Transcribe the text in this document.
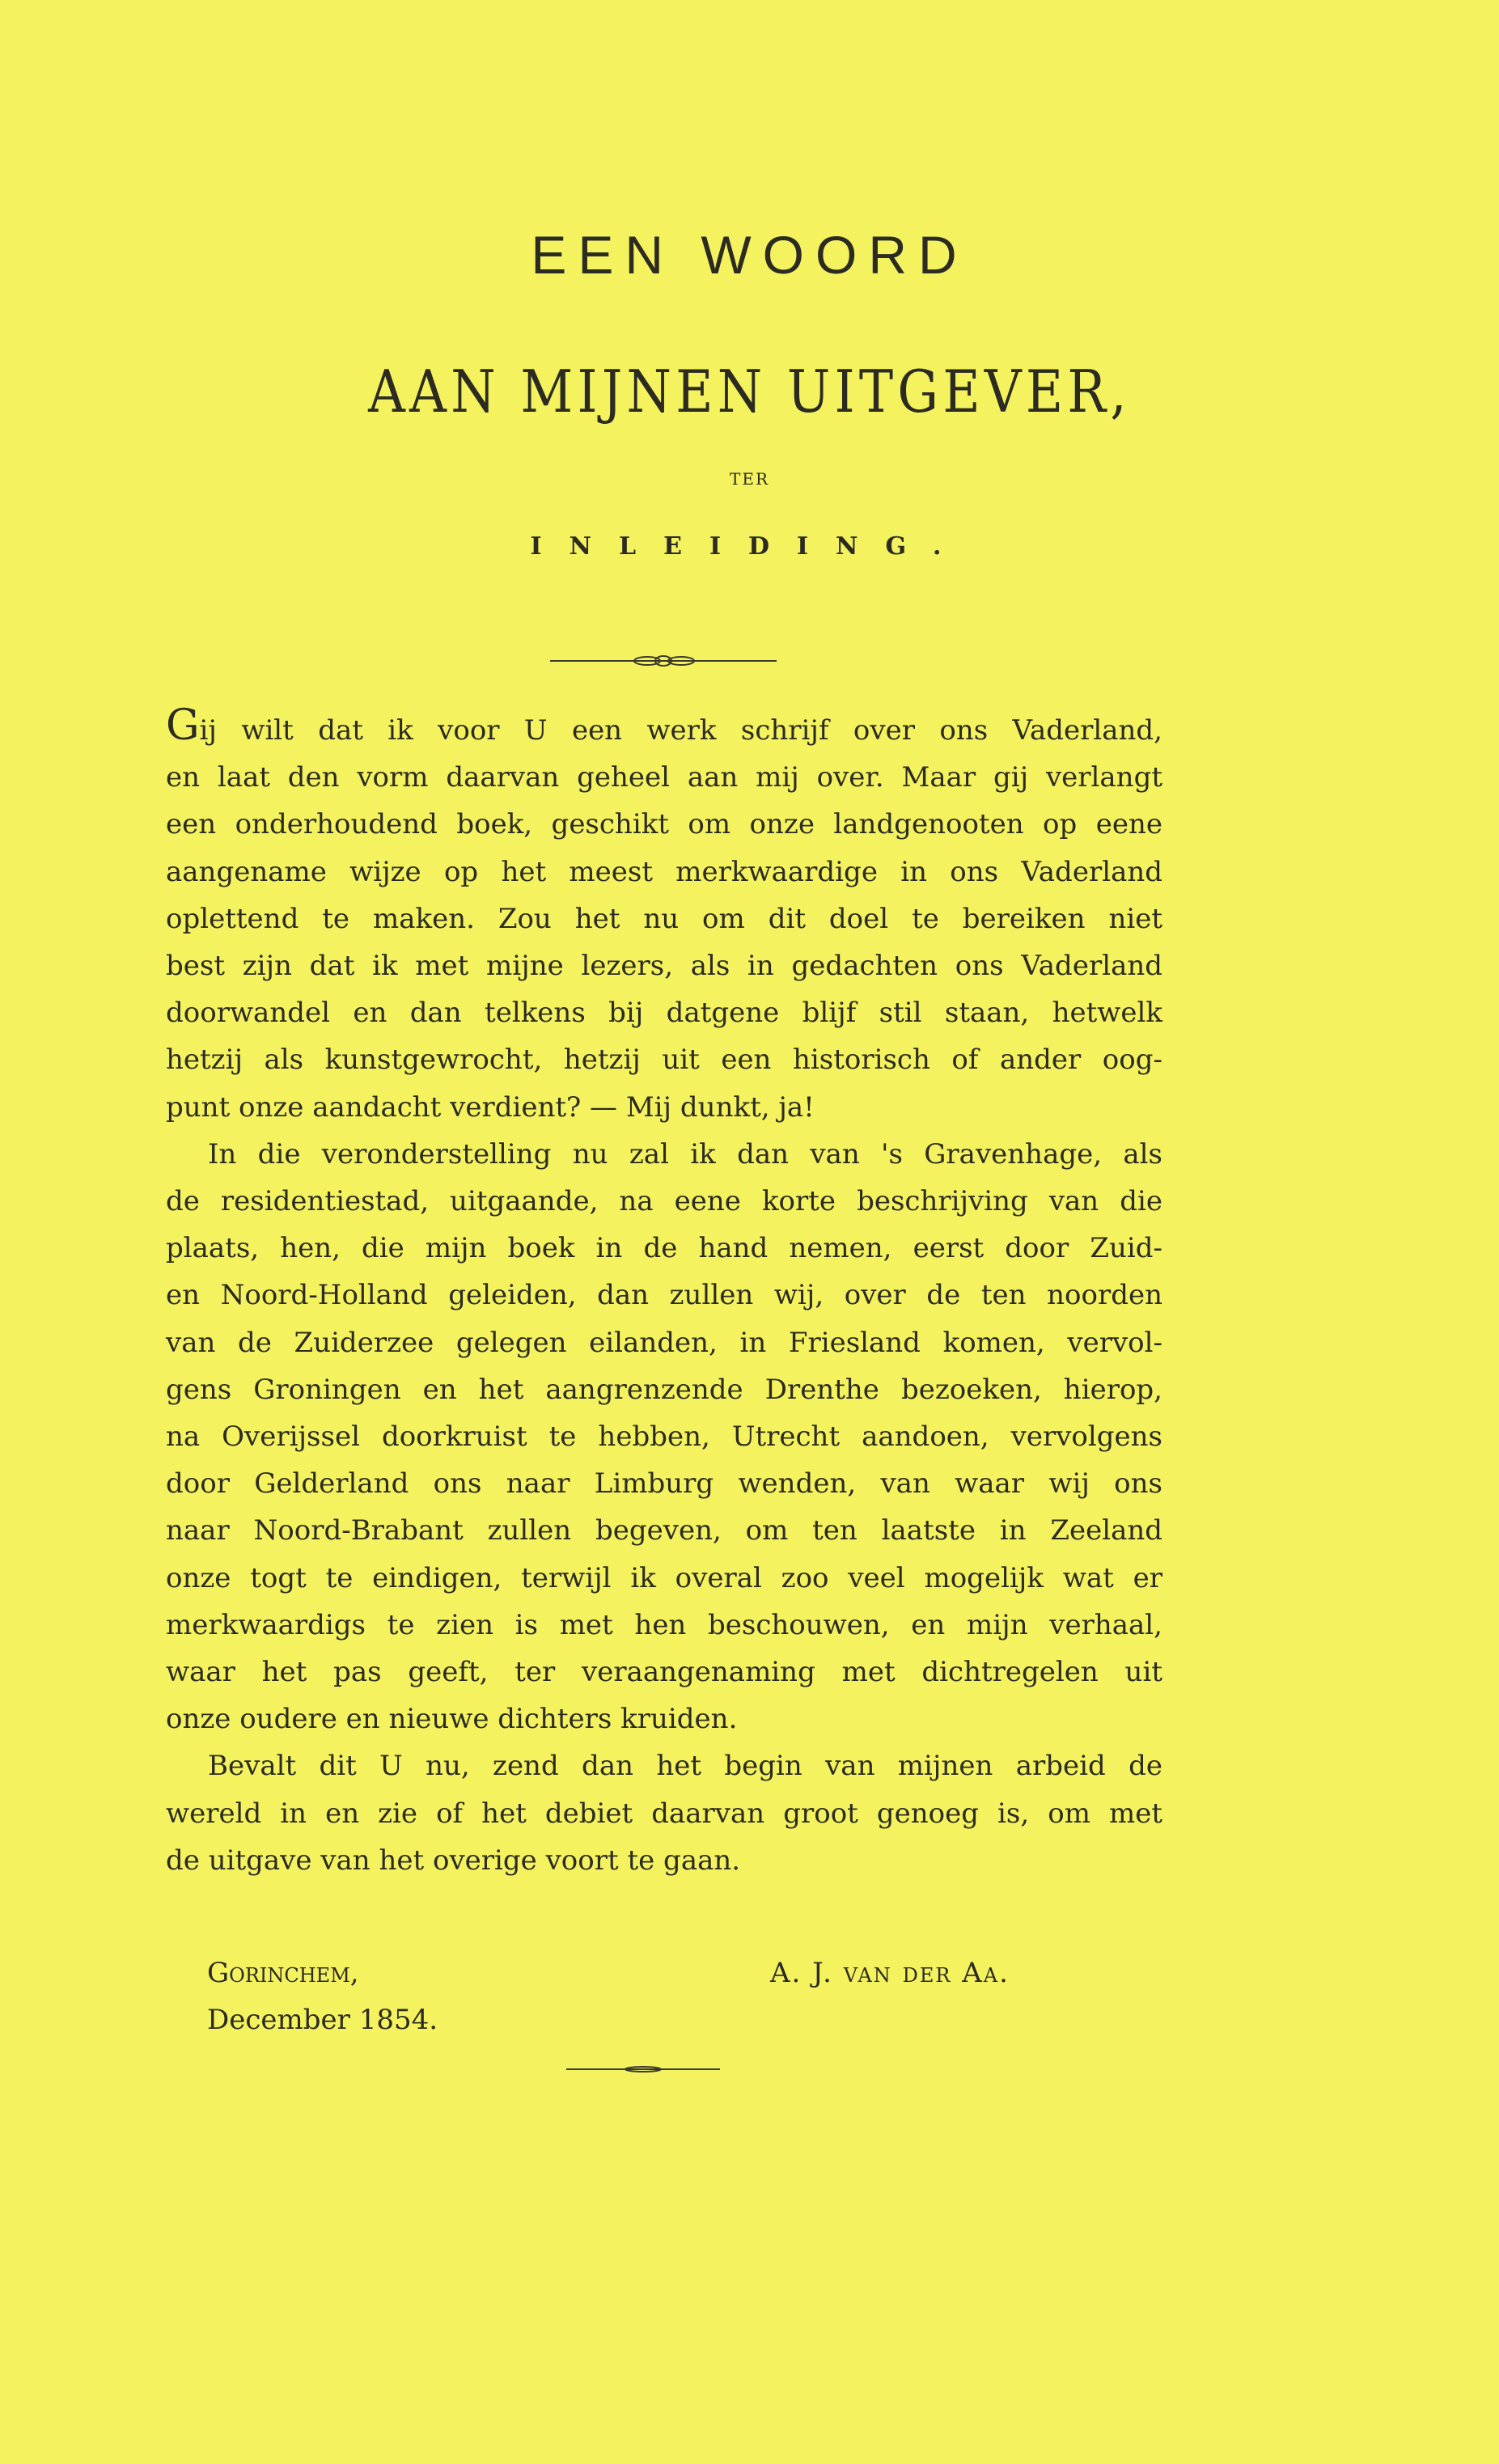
EEN WOORD
AAN MIJNEN UITGEVER,
TER
INLEIDING.
Gij wilt dat ik voor U een werk schrijf over ons Vaderland,
en laat den vorm daarvan geheel aan mij over. Maar gij verlangt
een onderhoudend boek, geschikt om onze landgenooten op eene
aangename wijze op het meest merkwaardige in ons Vaderland
oplettend te maken. Zou het nu om dit doel te bereiken niet
best zijn dat ik met mijne lezers, als in gedachten ons Vaderland
doorwandel en dan telkens bij datgene blijf stil staan, hetwelk
hetzij als kunstgewrocht, hetzij uit een historisch of ander oog-
punt onze aandacht verdient? — Mij dunkt, ja!
In die veronderstelling nu zal ik dan van 's Gravenhage, als
de residentiestad, uitgaande, na eene korte beschrijving van die
plaats, hen, die mijn boek in de hand nemen, eerst door Zuid-
en Noord-Holland geleiden, dan zullen wij, over de ten noorden
van de Zuiderzee gelegen eilanden, in Friesland komen, vervol-
gens Groningen en het aangrenzende Drenthe bezoeken, hierop,
na Overijssel doorkruist te hebben, Utrecht aandoen, vervolgens
door Gelderland ons naar Limburg wenden, van waar wij ons
naar Noord-Brabant zullen begeven, om ten laatste in Zeeland
onze togt te eindigen, terwijl ik overal zoo veel mogelijk wat er
merkwaardigs te zien is met hen beschouwen, en mijn verhaal,
waar het pas geeft, ter veraangenaming met dichtregelen uit
onze oudere en nieuwe dichters kruiden.
Bevalt dit U nu, zend dan het begin van mijnen arbeid de
wereld in en zie of het debiet daarvan groot genoeg is, om met
de uitgave van het overige voort te gaan.
Gorinchem,
December 1854.
A. J. van der Aa.
